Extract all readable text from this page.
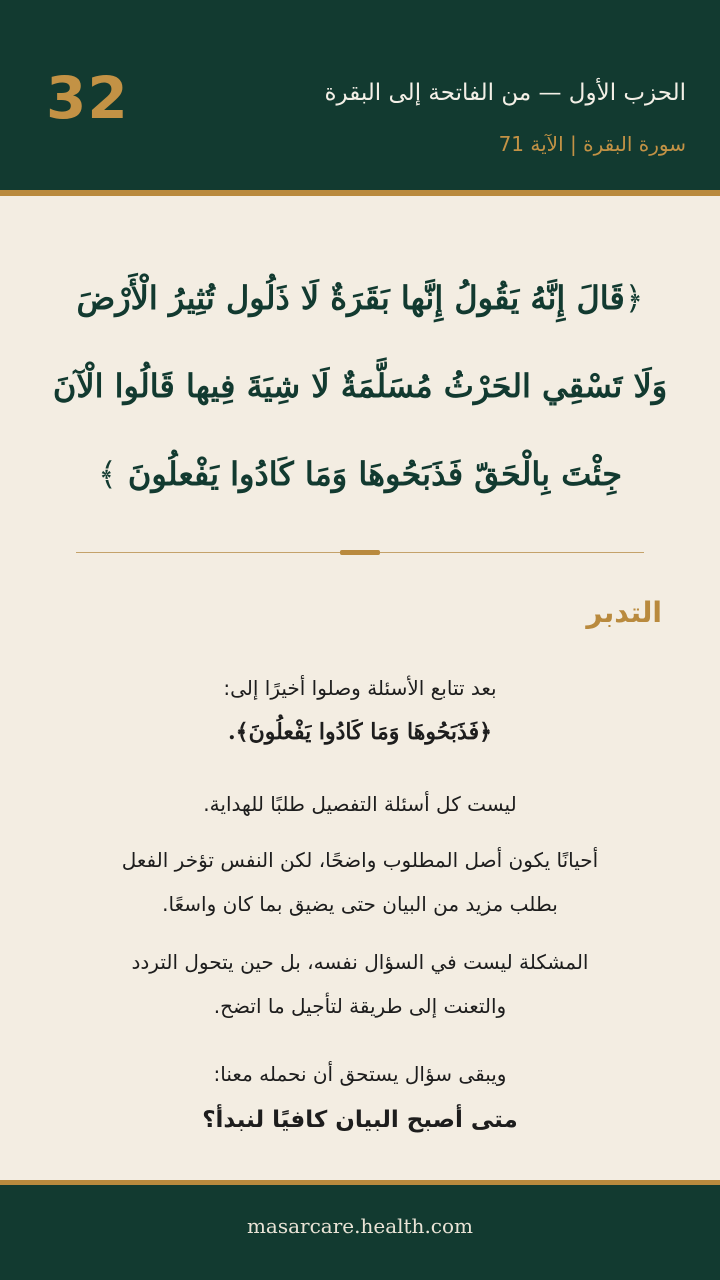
32	الحزب الأول — من الفاتحة إلى البقرة
سورة البقرة | الآية 71
﴿قَالَ إِنَّهُ يَقُولُ إِنَّها بَقَرَةٌ لَا ذَلُول تُثِيرُ الْأَرْضَ
وَلَا تَسْقِي الحَرْثُ مُسَلَّمَةٌ لَا شِيَةَ فِيها قَالُوا الْآنَ
جِئْتَ بِالْحَقّ فَذَبَحُوهَا وَمَا كَادُوا يَفْعلُونَ ﴾
التدبر
بعد تتابع الأسئلة وصلوا أخيرًا إلى:
﴿فَذَبَحُوهَا وَمَا كَادُوا يَفْعلُونَ﴾.
ليست كل أسئلة التفصيل طلبًا للهداية.
أحيانًا يكون أصل المطلوب واضحًا، لكن النفس تؤخر الفعل
بطلب مزيد من البيان حتى يضيق بما كان واسعًا.
المشكلة ليست في السؤال نفسه، بل حين يتحول التردد
والتعنت إلى طريقة لتأجيل ما اتضح.
ويبقى سؤال يستحق أن نحمله معنا:
متى أصبح البيان كافيًا لنبدأ؟
masarcare.health.com
